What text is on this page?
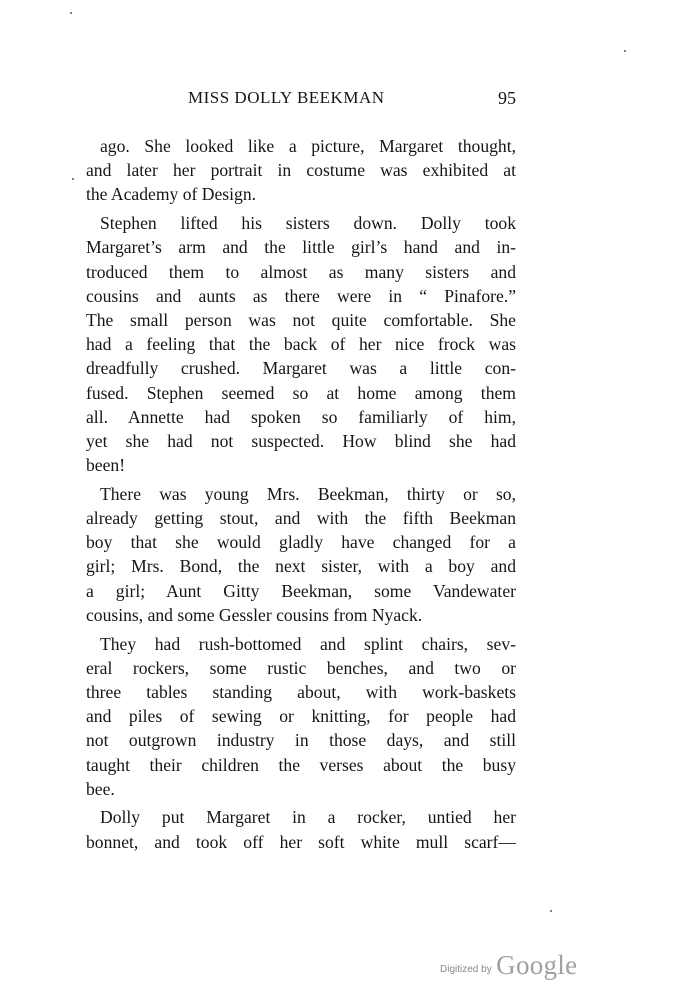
MISS DOLLY BEEKMAN	95
ago. She looked like a picture, Margaret thought,
and later her portrait in costume was exhibited at
the Academy of Design.
Stephen lifted his sisters down. Dolly took
Margaret’s arm and the little girl’s hand and in-
troduced them to almost as many sisters and
cousins and aunts as there were in “ Pinafore.”
The small person was not quite comfortable. She
had a feeling that the back of her nice frock was
dreadfully crushed. Margaret was a little con-
fused. Stephen seemed so at home among them
all. Annette had spoken so familiarly of him,
yet she had not suspected. How blind she had
been!
There was young Mrs. Beekman, thirty or so,
already getting stout, and with the fifth Beekman
boy that she would gladly have changed for a
girl; Mrs. Bond, the next sister, with a boy and
a girl; Aunt Gitty Beekman, some Vandewater
cousins, and some Gessler cousins from Nyack.
They had rush-bottomed and splint chairs, sev-
eral rockers, some rustic benches, and two or
three tables standing about, with work-baskets
and piles of sewing or knitting, for people had
not outgrown industry in those days, and still
taught their children the verses about the busy
bee.
Dolly put Margaret in a rocker, untied her
bonnet, and took off her soft white mull scarf—
Digitized by Google
